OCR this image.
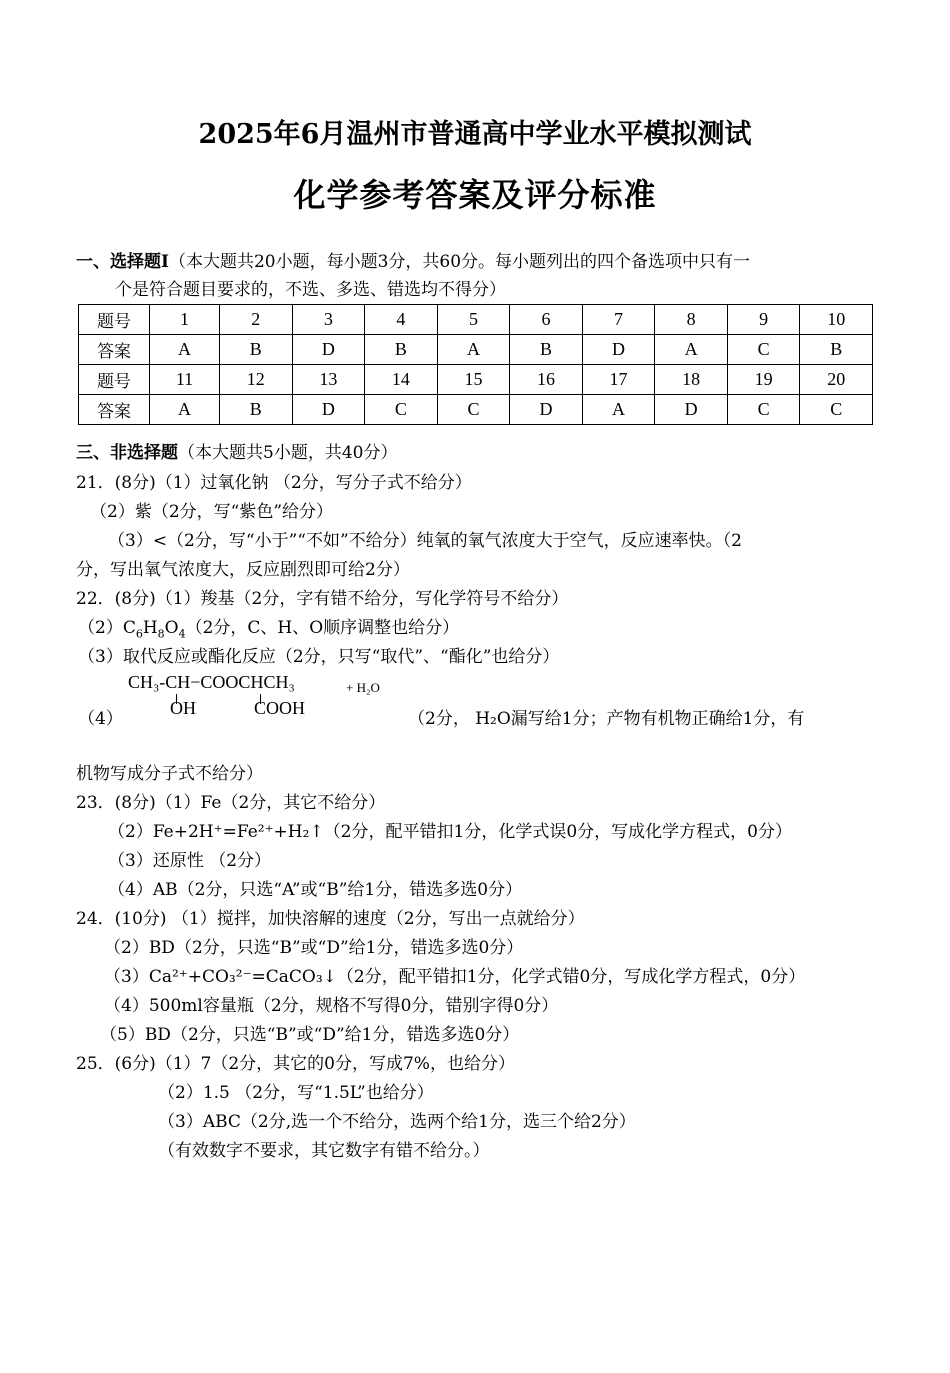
2025年6月温州市普通高中学业水平模拟测试
化学参考答案及评分标准
一、选择题I（本大题共20小题，每小题3分，共60分。每小题列出的四个备选项中只有一
个是符合题目要求的，不选、多选、错选均不得分）
题号	1	2	3	4	5	6	7	8	9	10
答案	A	B	D	B	A	B	D	A	C	B
题号	11	12	13	14	15	16	17	18	19	20
答案	A	B	D	C	C	D	A	D	C	C
三、非选择题（本大题共5小题，共40分）
21．(8分)（1）过氧化钠 （2分，写分子式不给分）
（2）紫（2分，写“紫色”给分）
（3）<（2分，写“小于”“不如”不给分）纯氧的氧气浓度大于空气，反应速率快。（2
分，写出氧气浓度大，反应剧烈即可给2分）
22．(8分)（1）羧基（2分，字有错不给分，写化学符号不给分）
$(2)C_6H_8O_4(2$分，C、H、O顺序调整也给分）
（3）取代反应或酯化反应（2分，只写“取代”、“酯化”也给分）
CH₃-CH−COOCHCH₃
OH	COOH
+ H₂O
（4）	（2分， H₂O漏写给1分；产物有机物正确给1分，有
机物写成分子式不给分）
23．(8分)（1）Fe（2分，其它不给分）
（2）Fe+2H⁺=Fe²⁺+H₂↑（2分，配平错扣1分，化学式误0分，写成化学方程式，0分）
（3）还原性 （2分）
（4）AB（2分，只选“A”或“B”给1分，错选多选0分）
24．(10分) （1）搅拌，加快溶解的速度（2分，写出一点就给分）
（2）BD（2分，只选“B”或“D”给1分，错选多选0分）
（3）Ca²⁺+CO₃²⁻=CaCO₃↓（2分，配平错扣1分，化学式错0分，写成化学方程式，0分）
（4）500ml容量瓶（2分，规格不写得0分，错别字得0分）
（5）BD（2分，只选“B”或“D”给1分，错选多选0分）
25．(6分)（1）7（2分，其它的0分，写成7%，也给分）
（2）1.5 （2分，写“1.5L”也给分）
（3）ABC（2分,选一个不给分，选两个给1分，选三个给2分）
（有效数字不要求，其它数字有错不给分。）
